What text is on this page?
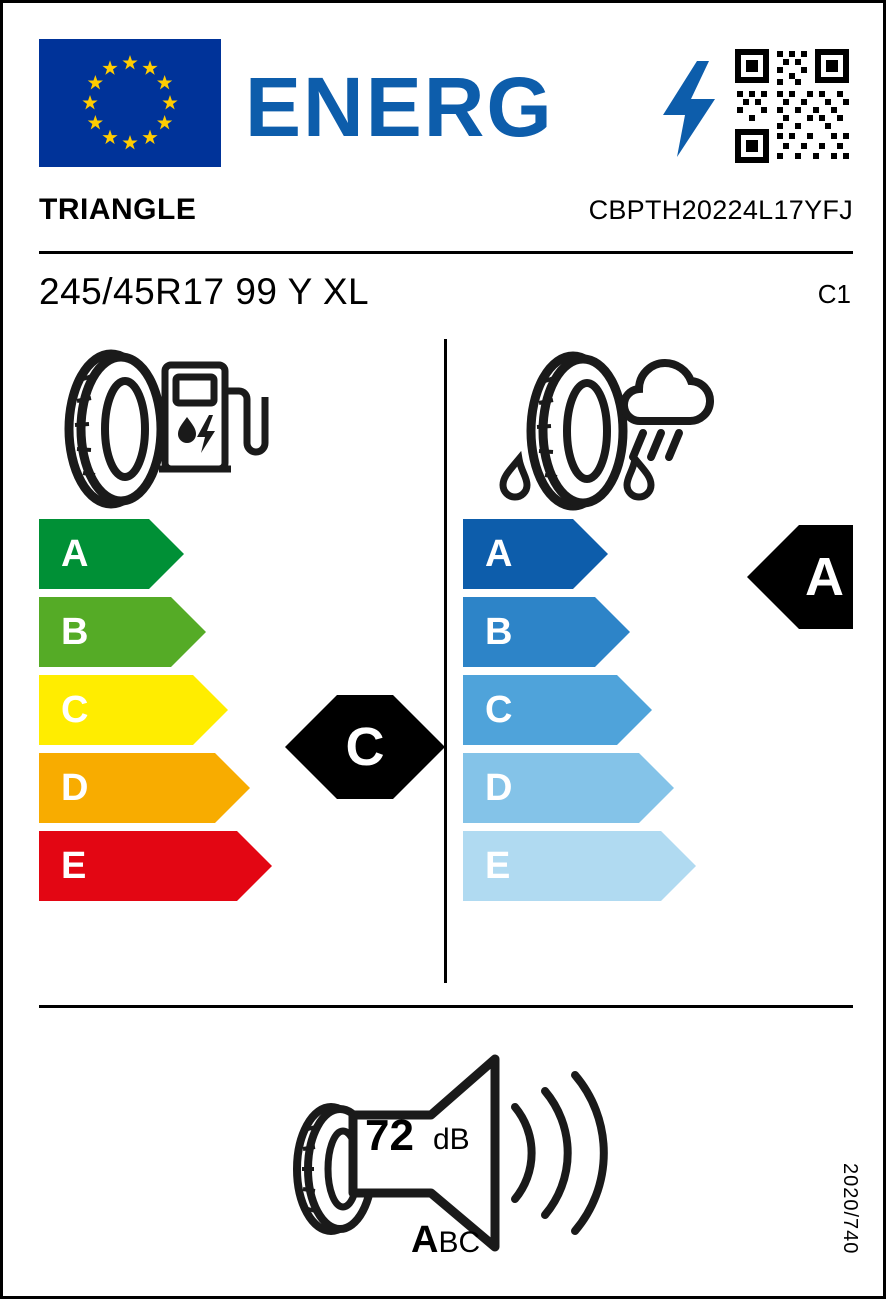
ENERG
TRIANGLE	CBPTH20224L17YFJ
245/45R17 99 Y XL	C1
A
B
C
D
E
C
A
B
C
D
E
A
72 dB
ABC	2020/740
